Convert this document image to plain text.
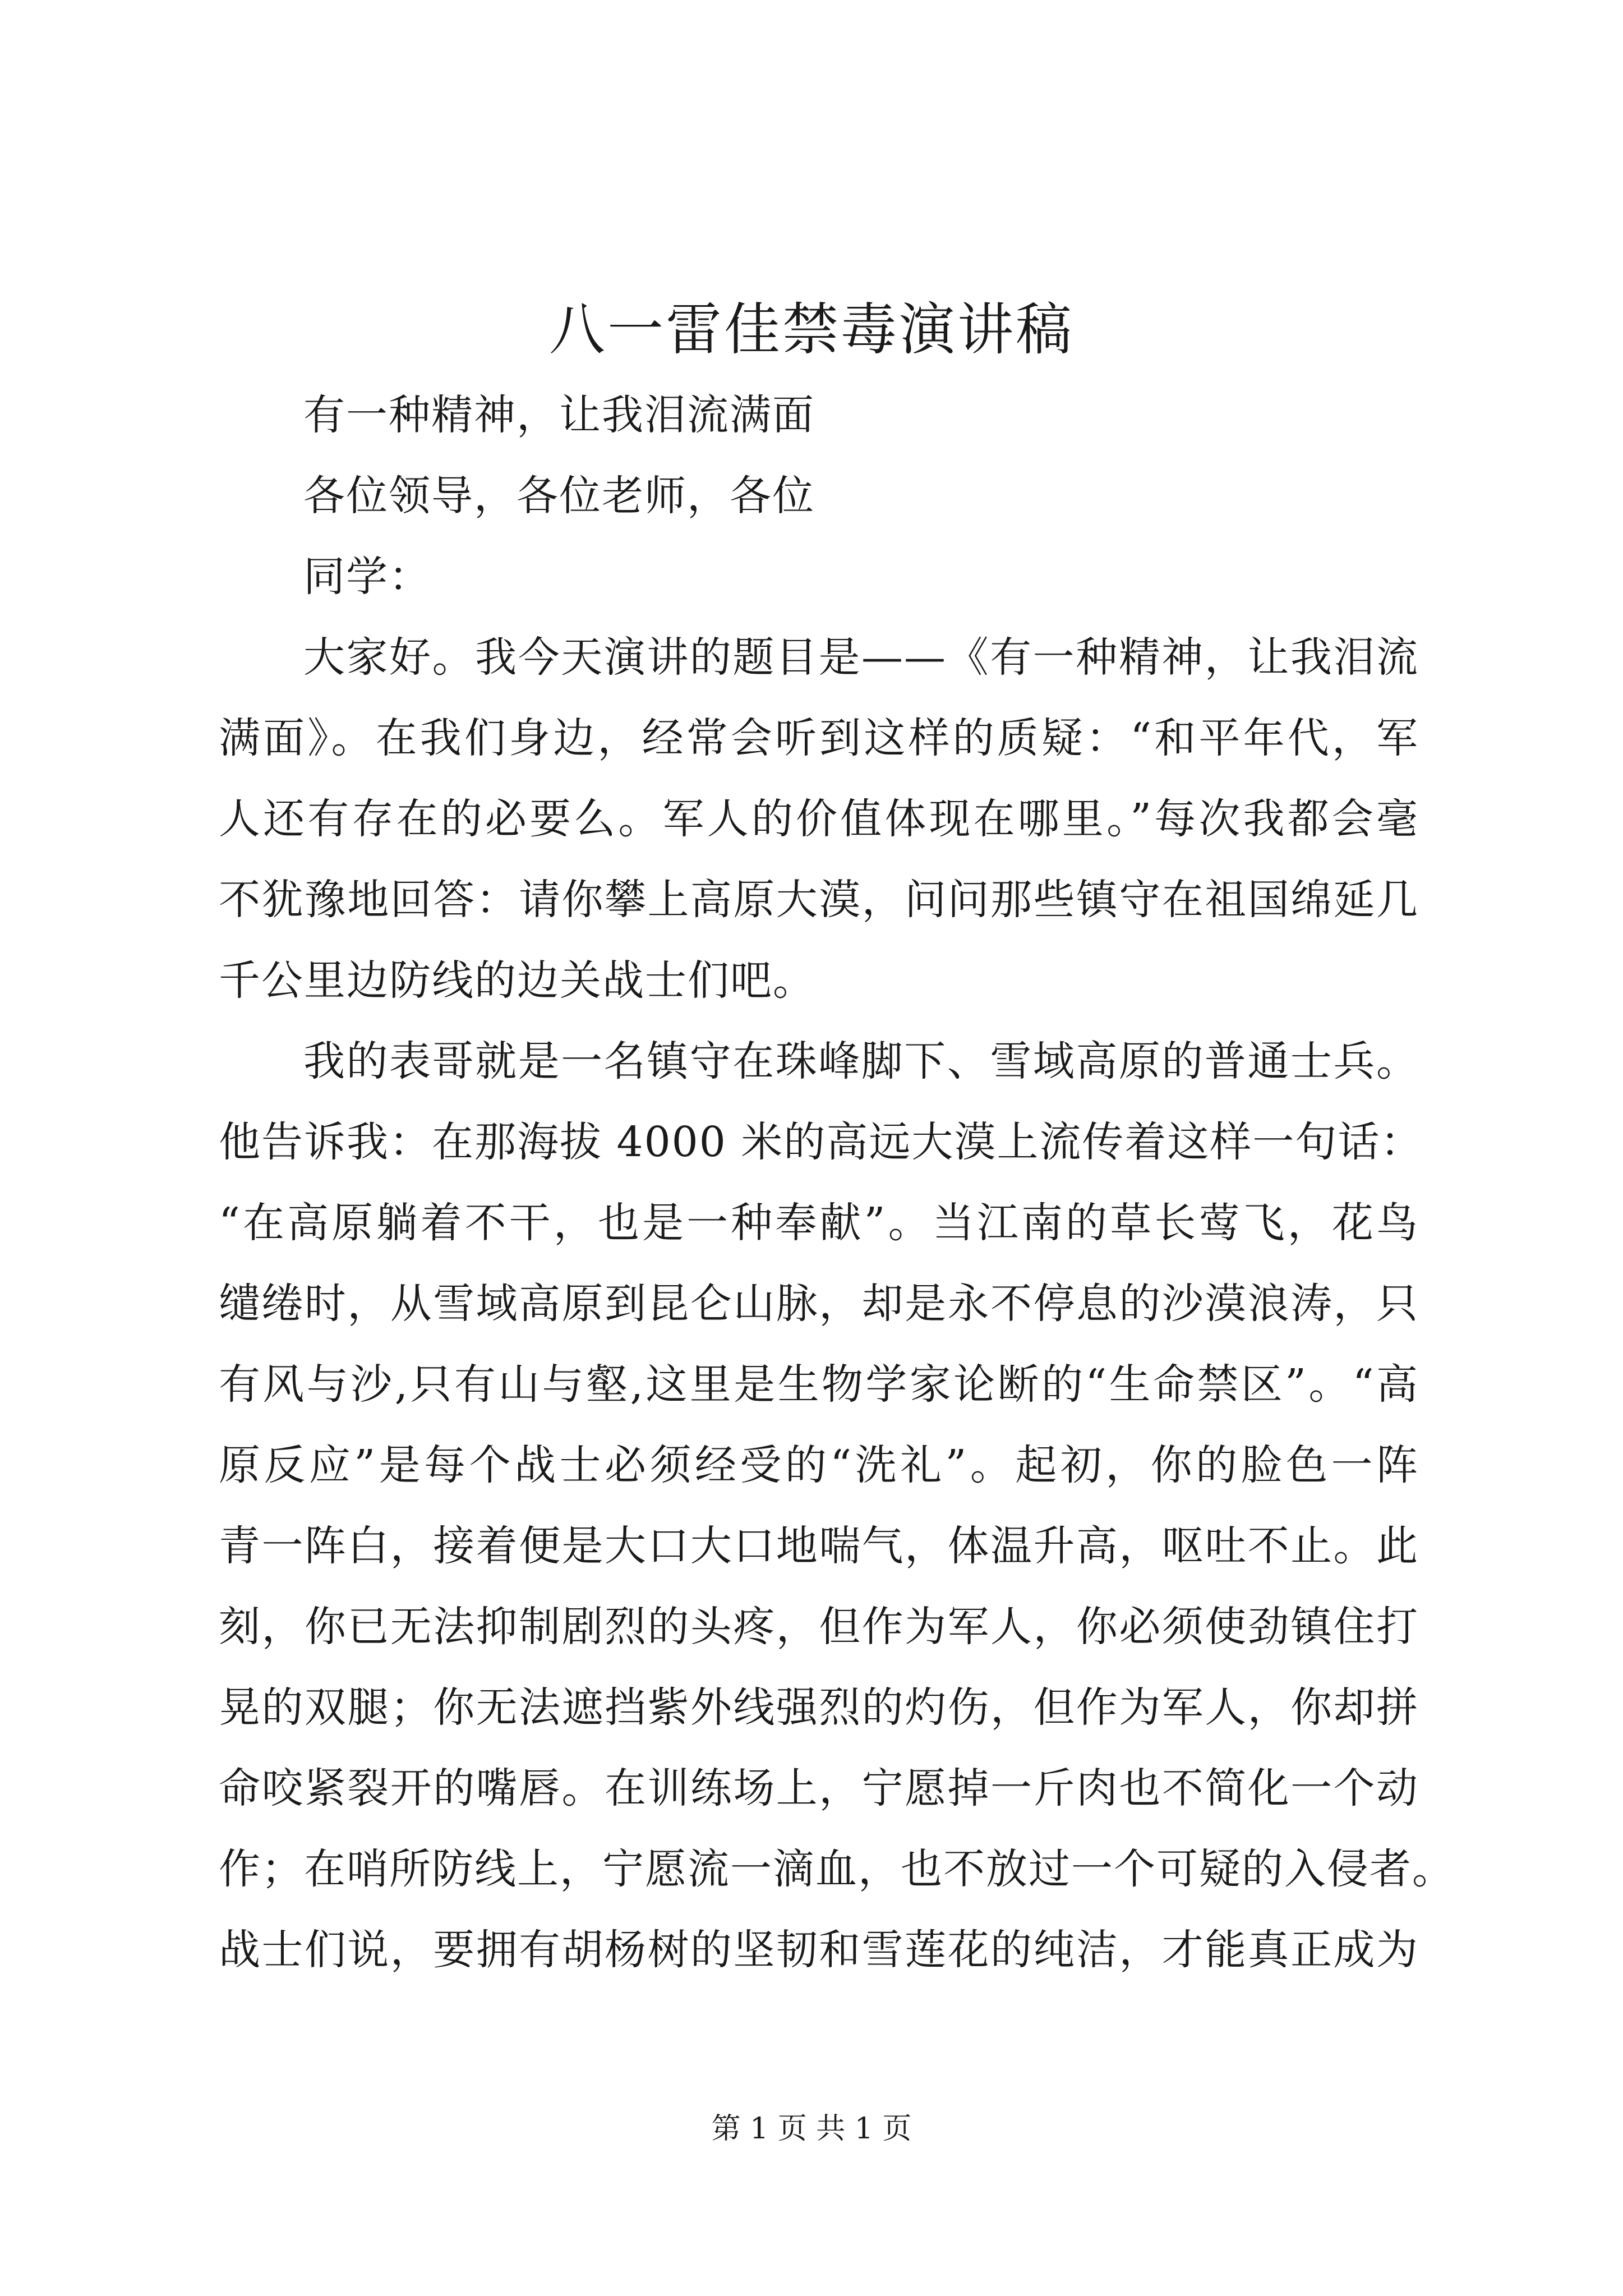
八一雷佳禁毒演讲稿
有一种精神，让我泪流满面
各位领导，各位老师，各位
同学：
大家好。我今天演讲的题目是——《有一种精神，让我泪流
满面》。在我们身边，经常会听到这样的质疑：“和平年代，军
人还有存在的必要么。军人的价值体现在哪里。”每次我都会毫
不犹豫地回答：请你攀上高原大漠，问问那些镇守在祖国绵延几
千公里边防线的边关战士们吧。
我的表哥就是一名镇守在珠峰脚下、雪域高原的普通士兵。
他告诉我：在那海拔 4000 米的高远大漠上流传着这样一句话：
“在高原躺着不干，也是一种奉献”。当江南的草长莺飞，花鸟
缱绻时，从雪域高原到昆仑山脉，却是永不停息的沙漠浪涛，只
有风与沙,只有山与壑,这里是生物学家论断的“生命禁区”。“高
原反应”是每个战士必须经受的“洗礼”。起初，你的脸色一阵
青一阵白，接着便是大口大口地喘气，体温升高，呕吐不止。此
刻，你已无法抑制剧烈的头疼，但作为军人，你必须使劲镇住打
晃的双腿；你无法遮挡紫外线强烈的灼伤，但作为军人，你却拼
命咬紧裂开的嘴唇。在训练场上，宁愿掉一斤肉也不简化一个动
作；在哨所防线上，宁愿流一滴血，也不放过一个可疑的入侵者。
战士们说，要拥有胡杨树的坚韧和雪莲花的纯洁，才能真正成为
第 1 页 共 1 页
